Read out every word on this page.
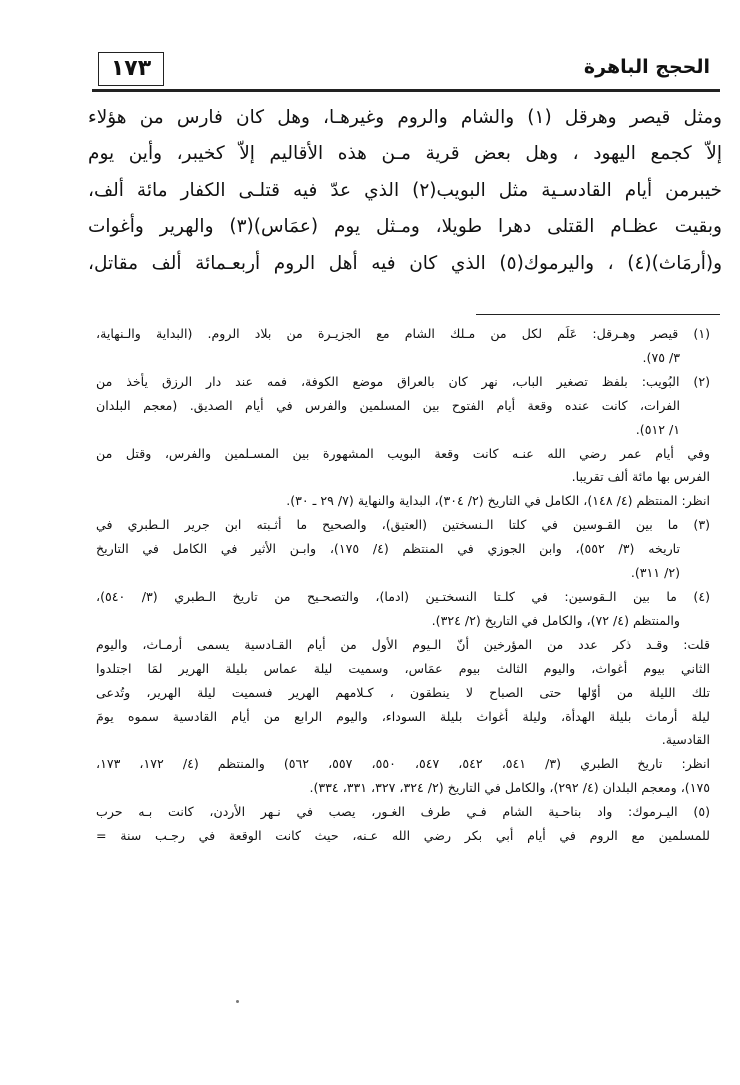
١٧٣	الحجج الباهرة
ومثل قيصر وهرقل (١) والشام والروم وغيرهـا، وهل كان فارس من هؤلاء
إلاّ كجمع اليهود ، وهل بعض قرية مـن هذه الأقاليم إلاّ كخيبر، وأين يوم
خيبرمن أيام القادسـية مثل البويب(٢) الذي عدّ فيه قتلـى الكفار مائة ألف،
وبقيت عظـام القتلى دهرا طويلا، ومـثل يوم (عمَاس)(٣) والهرير وأغوات
و(أرمَاث)(٤) ، واليرموك(٥) الذي كان فيه أهل الروم أربعـمائة ألف مقاتل،
(١) قيصر وهـرقل: عَلَم لكل من مـلك الشام مع الجزيـرة من بلاد الروم. (البداية والـنهاية،
٣/ ٧٥).
(٢) البُويب: بلفظ تصغير الباب، نهر كان بالعراق موضع الكوفة، فمه عند دار الرزق يأخذ من
الفرات، كانت عنده وقعة أيام الفتوح بين المسلمين والفرس في أيام الصديق. (معجم البلدان
١/ ٥١٢).
وفي أيام عمر رضي الله عنـه كانت وقعة البويب المشهورة بين المسـلمين والفرس، وقتل من
الفرس بها مائة ألف تقريبا.
انظر: المنتظم (٤/ ١٤٨)، الكامل في التاريخ (٢/ ٣٠٤)، البداية والنهاية (٧/ ٢٩ ـ ٣٠).
(٣) ما بين القـوسين في كلتا الـنسختين (العتيق)، والصحيح ما أثـبته ابن جرير الـطبري في
تاريخه (٣/ ٥٥٢)، وابن الجوزي في المنتظم (٤/ ١٧٥)، وابـن الأثير في الكامل في التاريخ
(٢/ ٣١١).
(٤) ما بين الـقوسين: في كلـتا النسختـين (ادما)، والتصحـيح من تاريخ الـطبري (٣/ ٥٤٠)،
والمنتظم (٤/ ٧٢)، والكامل في التاريخ (٢/ ٣٢٤).
قلت: وقـد ذكر عدد من المؤرخين أنّ الـيوم الأول من أيام القـادسية يسمى أرمـاث، واليوم
الثاني بيوم أغواث، واليوم الثالث بيوم عمَاس، وسميت ليلة عماس بليلة الهرير لمَا اجتلدوا
تلك الليلة من أوّلها حتى الصباح لا ينطقون ، كـلامهم الهرير فسميت ليلة الهرير، وتُدعى
ليلة أرماث بليلة الهدأة، وليلة أغواث بليلة السوداء، واليوم الرابع من أيام القادسية سموه يومَ
القادسية.
انظر: تاريخ الطبري (٣/ ٥٤١، ٥٤٢، ٥٤٧، ٥٥٠، ٥٥٧، ٥٦٢) والمنتظم (٤/ ١٧٢، ١٧٣،
١٧٥)، ومعجم البلدان (٤/ ٢٩٢)، والكامل في التاريخ (٢/ ٣٢٤، ٣٢٧، ٣٣١، ٣٣٤).
(٥) اليـرموك: واد بناحـية الشام فـي طرف الغـور، يصب في نـهر الأردن، كانت بـه حرب
للمسلمين مع الروم في أيام أبي بكر رضي الله عـنه، حيث كانت الوقعة في رجـب سنة =
